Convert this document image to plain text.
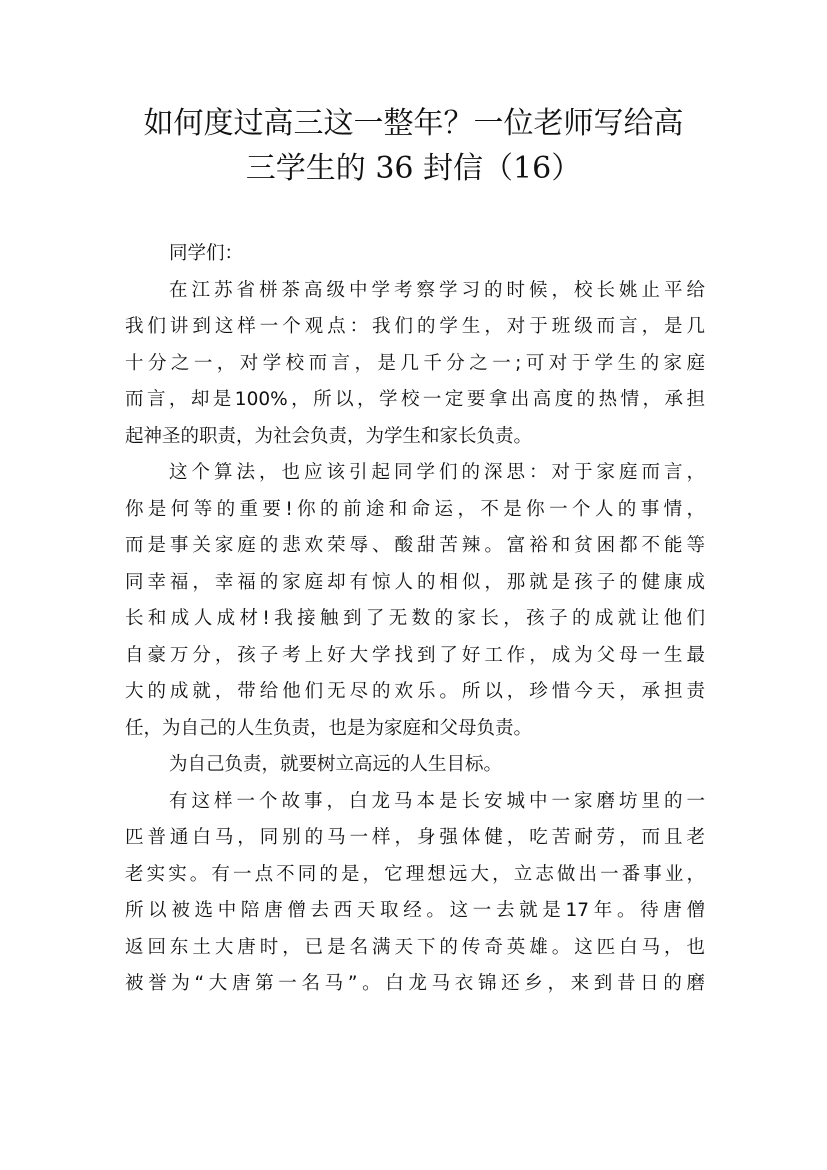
如何度过高三这一整年？一位老师写给高
三学生的 36 封信（16）
同学们：
在江苏省栟茶高级中学考察学习的时候，校长姚止平给
我们讲到这样一个观点：我们的学生，对于班级而言，是几
十分之一，对学校而言，是几千分之一;可对于学生的家庭
而言，却是100%，所以，学校一定要拿出高度的热情，承担
起神圣的职责，为社会负责，为学生和家长负责。
这个算法，也应该引起同学们的深思：对于家庭而言，
你是何等的重要!你的前途和命运，不是你一个人的事情，
而是事关家庭的悲欢荣辱、酸甜苦辣。富裕和贫困都不能等
同幸福，幸福的家庭却有惊人的相似，那就是孩子的健康成
长和成人成材!我接触到了无数的家长，孩子的成就让他们
自豪万分，孩子考上好大学找到了好工作，成为父母一生最
大的成就，带给他们无尽的欢乐。所以，珍惜今天，承担责
任，为自己的人生负责，也是为家庭和父母负责。
为自己负责，就要树立高远的人生目标。
有这样一个故事，白龙马本是长安城中一家磨坊里的一
匹普通白马，同别的马一样，身强体健，吃苦耐劳，而且老
老实实。有一点不同的是，它理想远大，立志做出一番事业，
所以被选中陪唐僧去西天取经。这一去就是17年。待唐僧
返回东土大唐时，已是名满天下的传奇英雄。这匹白马，也
被誉为“大唐第一名马”。白龙马衣锦还乡，来到昔日的磨
